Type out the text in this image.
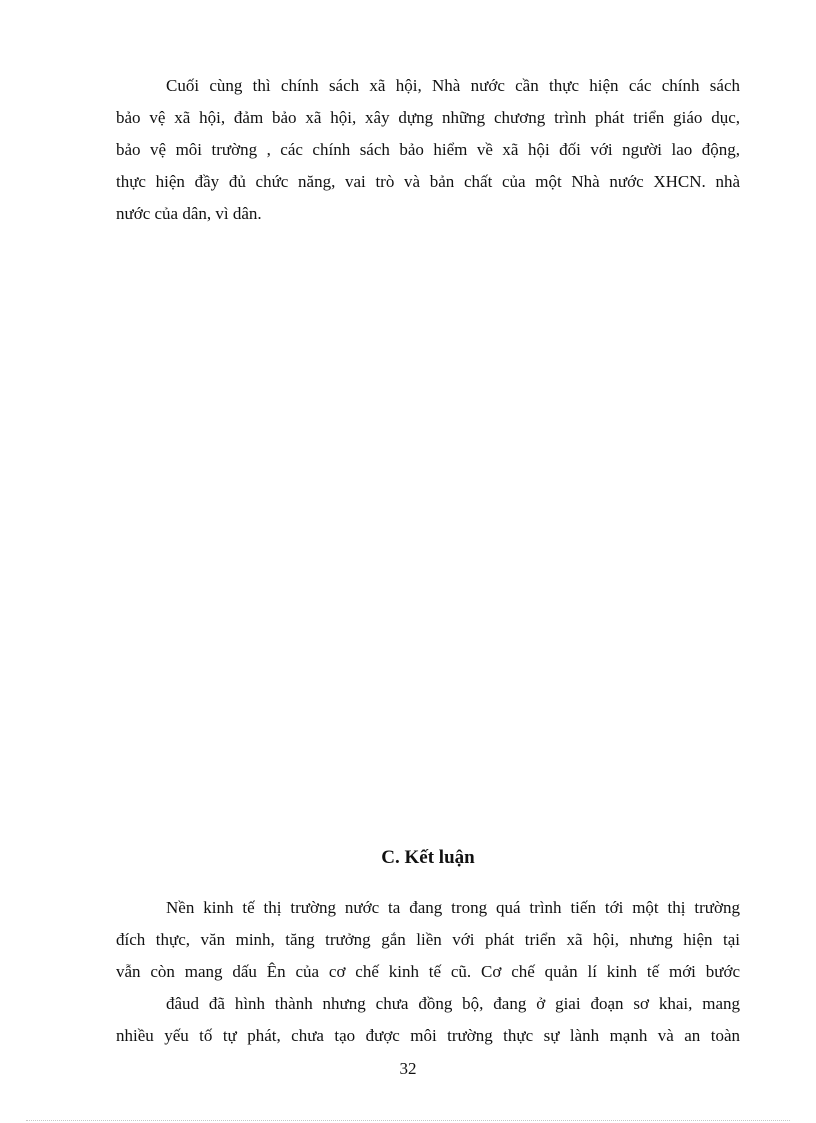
Cuối cùng thì chính sách xã hội, Nhà nước cần thực hiện các chính sách
bảo vệ xã hội, đảm bảo xã hội, xây dựng những chương trình phát triển giáo dục,
bảo vệ môi trường , các chính sách bảo hiểm về xã hội đối với người lao động,
thực hiện đầy đủ chức năng, vai trò và bản chất của một Nhà nước XHCN. nhà
nước của dân, vì dân.
C. Kết luận
Nền kinh tế thị trường nước ta đang trong quá trình tiến tới một thị trường
đích thực, văn minh, tăng trưởng gắn liền với phát triển xã hội, nhưng hiện tại
vẫn còn mang dấu Ên của cơ chế kinh tế cũ. Cơ chế quản lí kinh tế mới bước
đâud đã hình thành nhưng chưa đồng bộ, đang ở giai đoạn sơ khai, mang
nhiều yếu tố tự phát, chưa tạo được môi trường thực sự lành mạnh và an toàn
32
